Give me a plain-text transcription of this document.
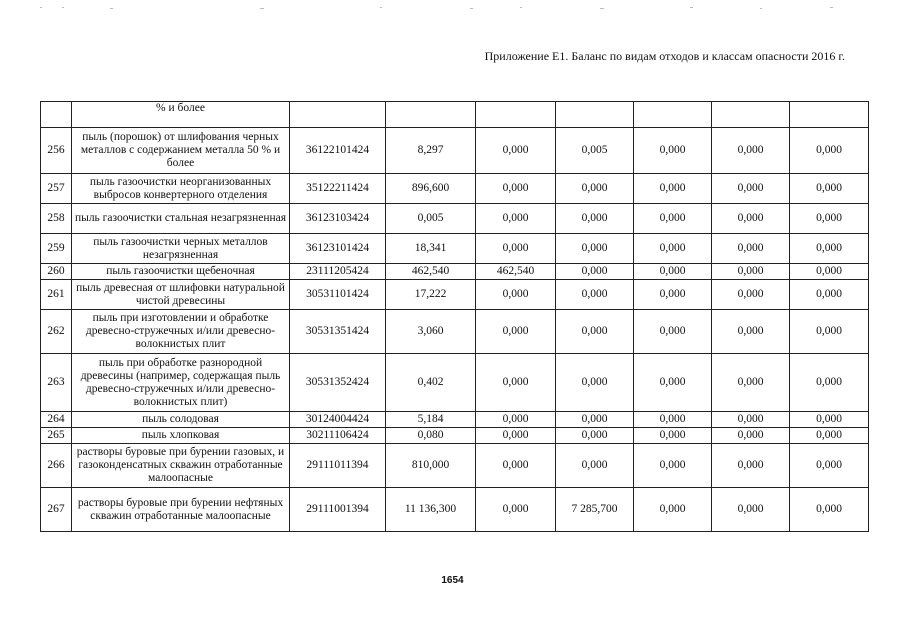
Приложение Е1. Баланс по видам отходов и классам опасности 2016 г.
	% и более							
256	пыль (порошок) от шлифования черных металлов с содержанием металла 50 % и более	36122101424	8,297	0,000	0,005	0,000	0,000	0,000
257	пыль газоочистки неорганизованных выбросов конвертерного отделения	35122211424	896,600	0,000	0,000	0,000	0,000	0,000
258	пыль газоочистки стальная незагрязненная	36123103424	0,005	0,000	0,000	0,000	0,000	0,000
259	пыль газоочистки черных металлов незагрязненная	36123101424	18,341	0,000	0,000	0,000	0,000	0,000
260	пыль газоочистки щебеночная	23111205424	462,540	462,540	0,000	0,000	0,000	0,000
261	пыль древесная от шлифовки натуральной чистой древесины	30531101424	17,222	0,000	0,000	0,000	0,000	0,000
262	пыль при изготовлении и обработке древесно-стружечных и/или древесно-волокнистых плит	30531351424	3,060	0,000	0,000	0,000	0,000	0,000
263	пыль при обработке разнородной древесины (например, содержащая пыль древесно-стружечных и/или древесно-волокнистых плит)	30531352424	0,402	0,000	0,000	0,000	0,000	0,000
264	пыль солодовая	30124004424	5,184	0,000	0,000	0,000	0,000	0,000
265	пыль хлопковая	30211106424	0,080	0,000	0,000	0,000	0,000	0,000
266	растворы буровые при бурении газовых, и газоконденсатных скважин отработанные малоопасные	29111011394	810,000	0,000	0,000	0,000	0,000	0,000
267	растворы буровые при бурении нефтяных скважин отработанные малоопасные	29111001394	11 136,300	0,000	7 285,700	0,000	0,000	0,000
1654
